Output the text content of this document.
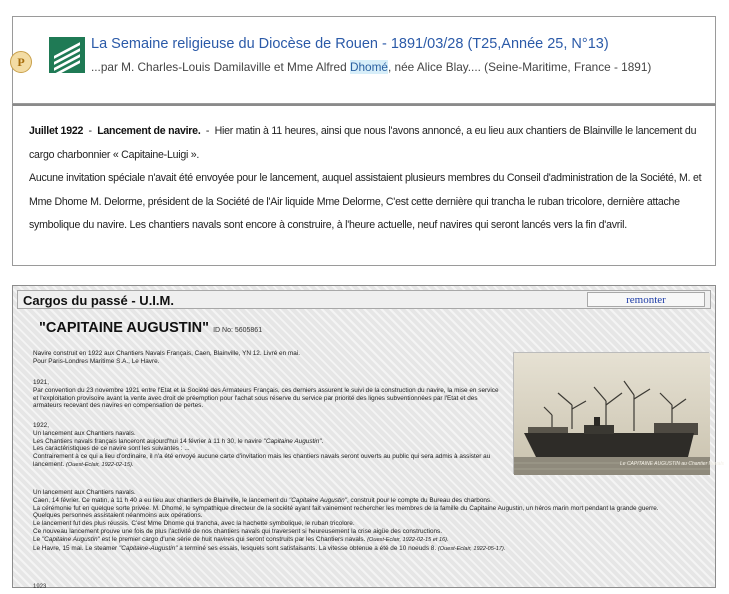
P
La Semaine religieuse du Diocèse de Rouen - 1891/03/28 (T25,Année 25, N°13)
...par M. Charles-Louis Damilaville et Mme Alfred Dhomé, née Alice Blay.... (Seine-Maritime, France - 1891)

Juillet 1922  -  Lancement de navire.  -  Hier matin à 11 heures, ainsi que nous l'avons annoncé, a eu lieu aux chantiers de Blainville le lancement du cargo charbonnier « Capitaine-Luigi ».

Aucune invitation spéciale n'avait été envoyée pour le lancement, auquel assistaient plusieurs membres du Conseil d'administration de la Société, M. et Mme Dhome M. Delorme, président de la Société de l'Air liquide Mme Delorme, C'est cette dernière qui trancha le ruban tricolore, dernière attache symbolique du navire. Les chantiers navals sont encore à construire, à l'heure actuelle, neuf navires qui seront lancés vers la fin d'avril.

Cargos du passé - U.I.M.	remonter
"CAPITAINE AUGUSTIN" ID No: 5605861

Navire construit en 1922 aux Chantiers Navals Français, Caen, Blainville, YN 12. Livré en mai.

Pour Paris-Londres Maritime S.A., Le Havre.

1921,

Par convention du 23 novembre 1921 entre l'Etat et la Société des Armateurs Français, ces derniers assurent le suivi de la construction du navire, la mise en service et l'exploitation provisoire avant la vente avec droit de préemption pour l'achat sous réserve du service par priorité des lignes subventionnées par l'Etat et des armateurs recevant des navires en compensation de pertes.

1922,

Un lancement aux Chantiers navals.

Les Chantiers navals français lanceront aujourd'hui 14 février à 11 h 30, le navire "Capitaine Augustin".

Les caractéristiques de ce navire sont les suivantes : ...

Contrairement à ce qui a lieu d'ordinaire, il n'a été envoyé aucune carte d'invitation mais les chantiers navals seront ouverts au public qui sera admis à assister au lancement. (Ouest-Eclair, 1922-02-15).	Le CAPITAINE AUGUSTIN au Chantier Navals

Un lancement aux Chantiers navals.

Caen, 14 février. Ce matin, à 11 h 40 a eu lieu aux chantiers de Blainville, le lancement du "Capitaine Augustin", construit pour le compte du Bureau des charbons.

La cérémonie fut en quelque sorte privée. M. Dhomé, le sympathique directeur de la société ayant fait vainement rechercher les membres de la famille du Capitaine Augustin, un héros marin mort pendant la grande guerre.

Quelques personnes assistaient néanmoins aux opérations.

Le lancement fut des plus réussis. C'est Mme Dhome qui trancha, avec la hachette symbolique, le ruban tricolore.

Ce nouveau lancement prouve une fois de plus l'activité de nos chantiers navals qui traversent si heureusement la crise aigüe des constructions.

Le "Capitaine Augustin" est le premier cargo d'une série de huit navires qui seront construits par les Chantiers navals. (Ouest-Eclair, 1922-02-15 et 16).

Le Havre, 15 mai. Le steamer "Capitaine-Augustin" a terminé ses essais, lesquels sont satisfaisants. La vitesse obtenue a été de 10 noeuds 8. (Ouest-Eclair, 1922-05-17).

1923
